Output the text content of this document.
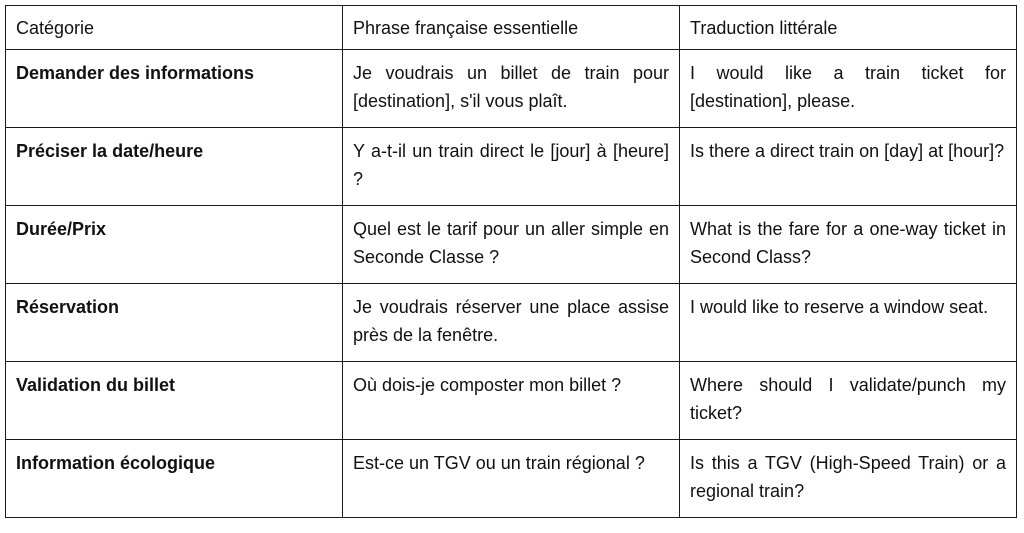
Catégorie	Phrase française essentielle	Traduction littérale
Demander des informations	Je voudrais un billet de train pour [destination], s'il vous plaît.	I would like a train ticket for [destination], please.
Préciser la date/heure	Y a-t-il un train direct le [jour] à [heure] ?	Is there a direct train on [day] at [hour]?
Durée/Prix	Quel est le tarif pour un aller simple en Seconde Classe ?	What is the fare for a one-way ticket in Second Class?
Réservation	Je voudrais réserver une place assise près de la fenêtre.	I would like to reserve a window seat.
Validation du billet	Où dois-je composter mon billet ?	Where should I validate/punch my ticket?
Information écologique	Est-ce un TGV ou un train régional ?	Is this a TGV (High-Speed Train) or a regional train?
